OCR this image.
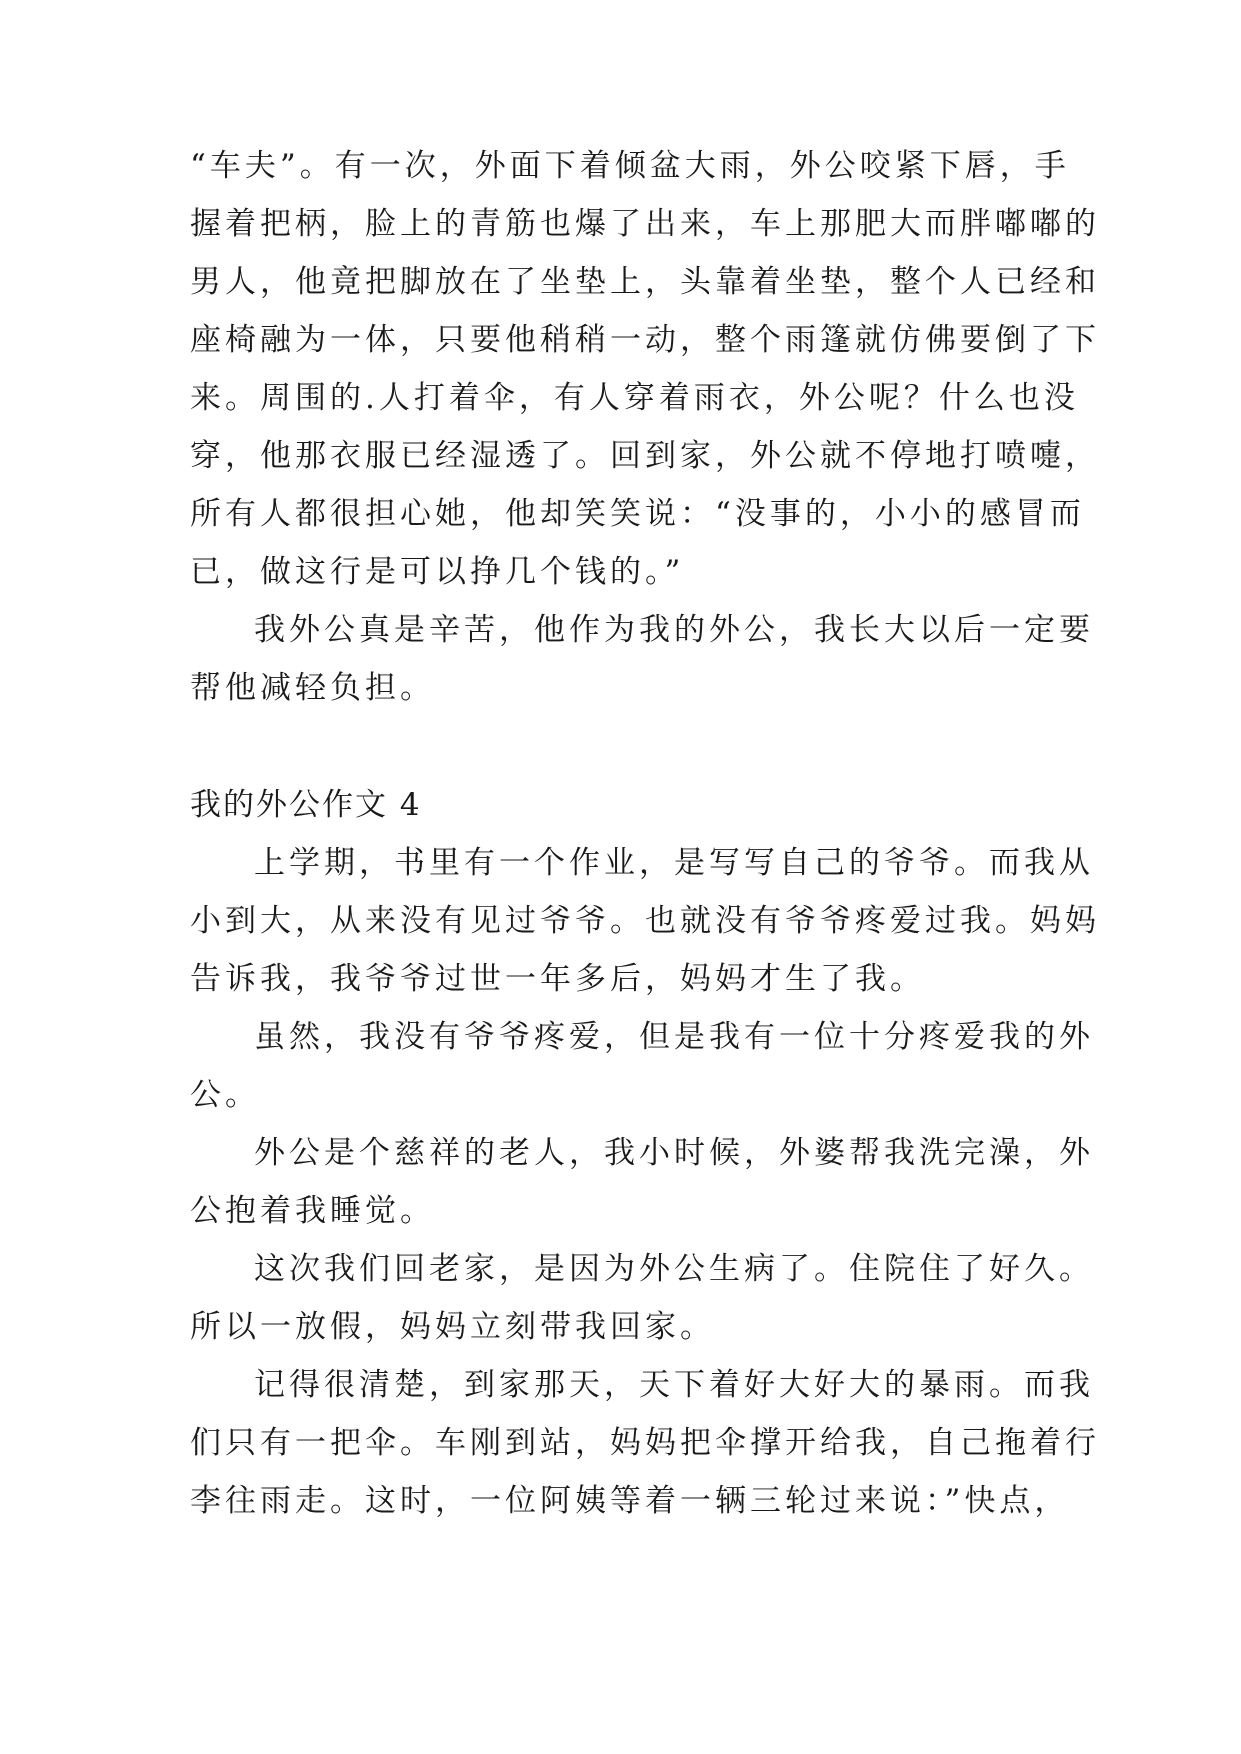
“车夫”。有一次，外面下着倾盆大雨，外公咬紧下唇，手
握着把柄，脸上的青筋也爆了出来，车上那肥大而胖嘟嘟的
男人，他竟把脚放在了坐垫上，头靠着坐垫，整个人已经和
座椅融为一体，只要他稍稍一动，整个雨篷就仿佛要倒了下
来。周围的.人打着伞，有人穿着雨衣，外公呢？什么也没
穿，他那衣服已经湿透了。回到家，外公就不停地打喷嚏，
所有人都很担心她，他却笑笑说：“没事的，小小的感冒而
已，做这行是可以挣几个钱的。”
我外公真是辛苦，他作为我的外公，我长大以后一定要
帮他减轻负担。
我的外公作文 4
上学期，书里有一个作业，是写写自己的爷爷。而我从
小到大，从来没有见过爷爷。也就没有爷爷疼爱过我。妈妈
告诉我，我爷爷过世一年多后，妈妈才生了我。
虽然，我没有爷爷疼爱，但是我有一位十分疼爱我的外
公。
外公是个慈祥的老人，我小时候，外婆帮我洗完澡，外
公抱着我睡觉。
这次我们回老家，是因为外公生病了。住院住了好久。
所以一放假，妈妈立刻带我回家。
记得很清楚，到家那天，天下着好大好大的暴雨。而我
们只有一把伞。车刚到站，妈妈把伞撑开给我，自己拖着行
李往雨走。这时，一位阿姨等着一辆三轮过来说：”快点，
